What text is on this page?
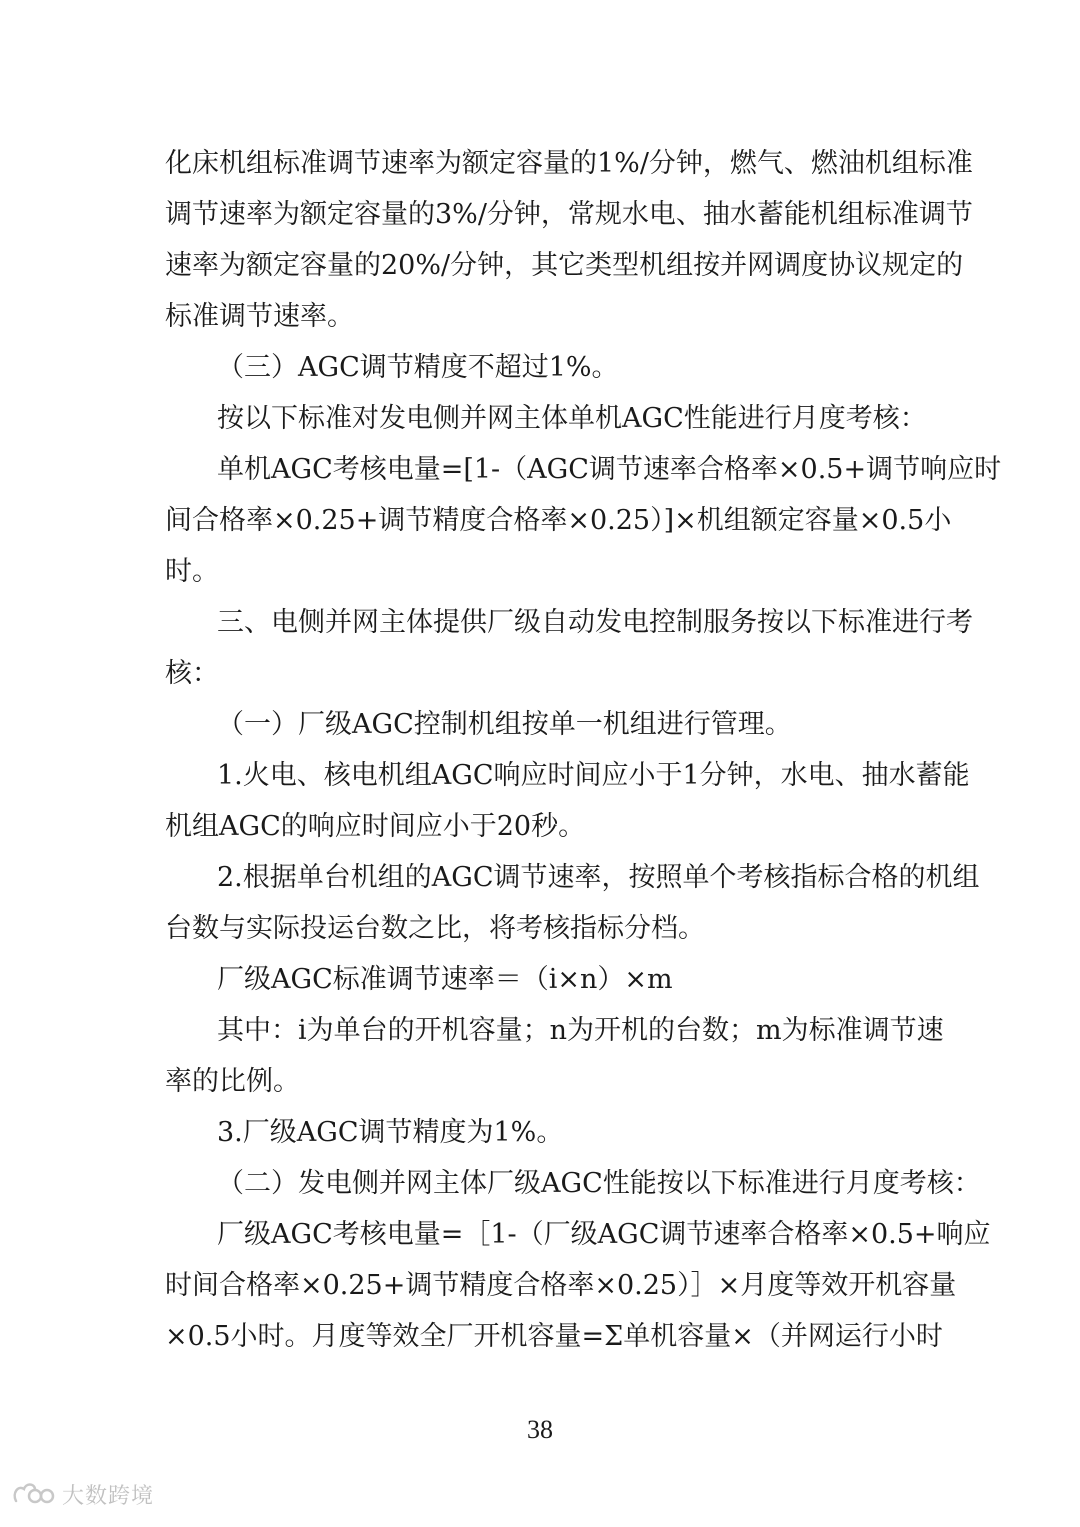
化床机组标准调节速率为额定容量的1%/分钟，燃气、燃油机组标准
调节速率为额定容量的3%/分钟，常规水电、抽水蓄能机组标准调节
速率为额定容量的20%/分钟，其它类型机组按并网调度协议规定的
标准调节速率。
（三）AGC调节精度不超过1%。
按以下标准对发电侧并网主体单机AGC性能进行月度考核：
单机AGC考核电量=[1-（AGC调节速率合格率×0.5+调节响应时
间合格率×0.25+调节精度合格率×0.25）]×机组额定容量×0.5小
时。
三、电侧并网主体提供厂级自动发电控制服务按以下标准进行考
核：
（一）厂级AGC控制机组按单一机组进行管理。
1.火电、核电机组AGC响应时间应小于1分钟，水电、抽水蓄能
机组AGC的响应时间应小于20秒。
2.根据单台机组的AGC调节速率，按照单个考核指标合格的机组
台数与实际投运台数之比，将考核指标分档。
厂级AGC标准调节速率＝（i×n）×m
其中：i为单台的开机容量；n为开机的台数；m为标准调节速
率的比例。
3.厂级AGC调节精度为1%。
（二）发电侧并网主体厂级AGC性能按以下标准进行月度考核：
厂级AGC考核电量=［1-（厂级AGC调节速率合格率×0.5+响应
时间合格率×0.25+调节精度合格率×0.25）］×月度等效开机容量
×0.5小时。月度等效全厂开机容量=Σ单机容量×（并网运行小时
38
大数跨境
